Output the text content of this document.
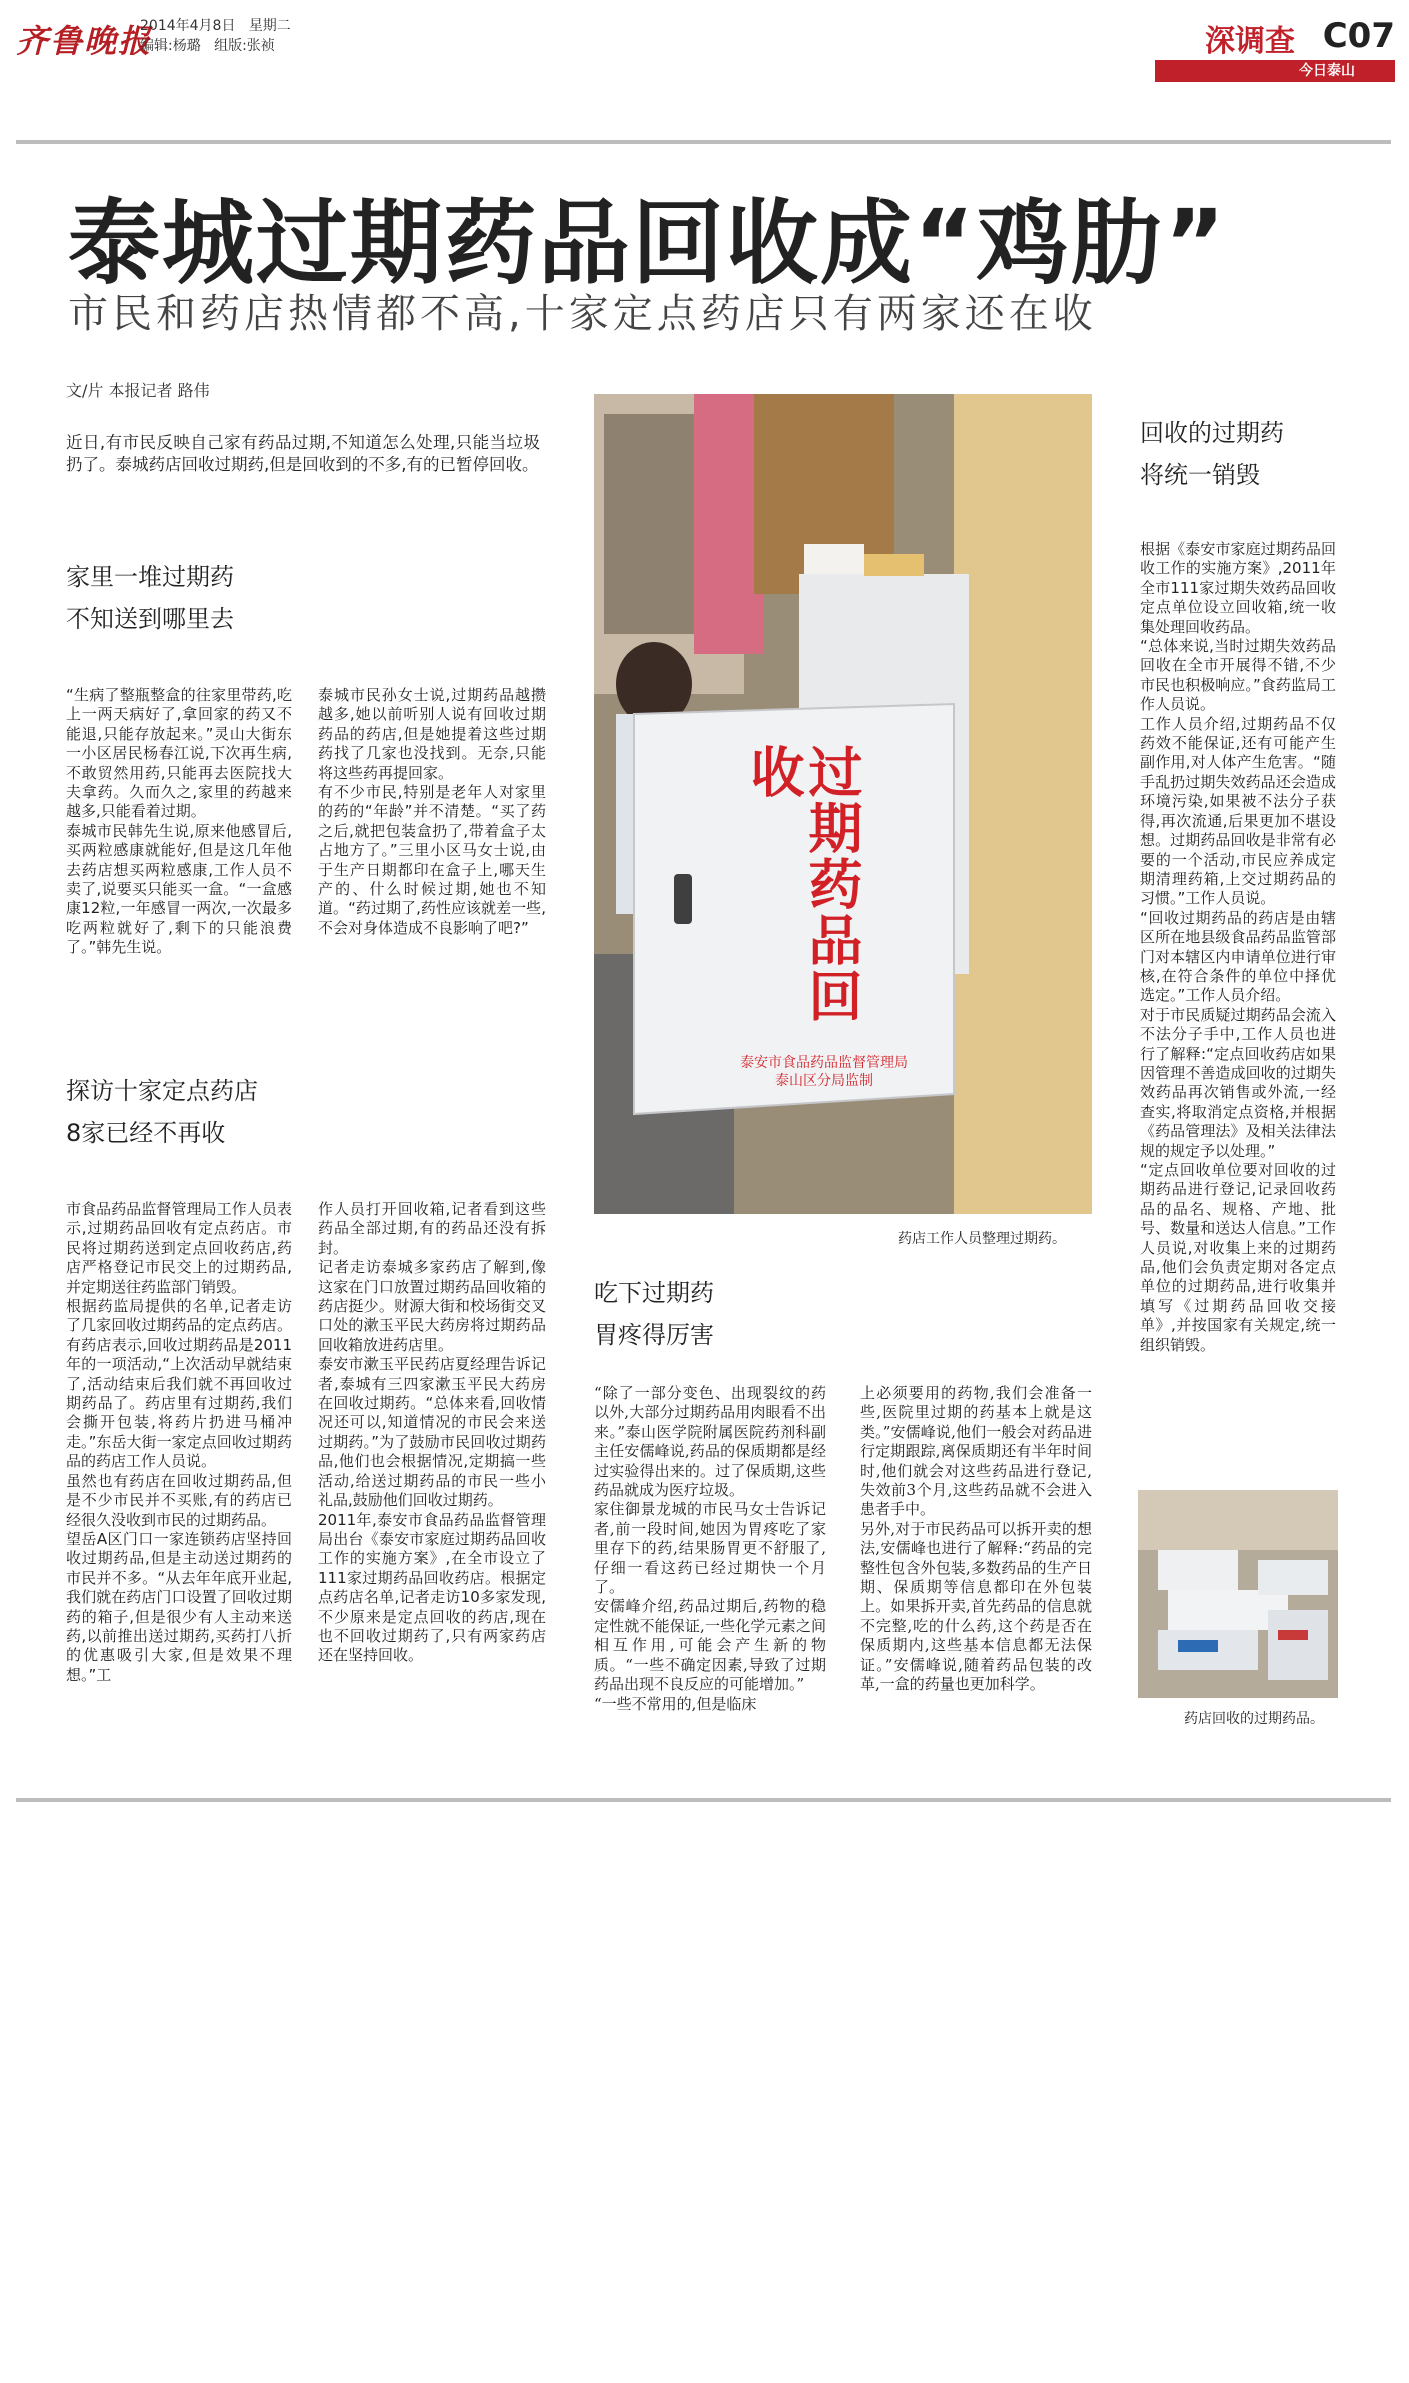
齐鲁晚报
2014年4月8日 星期二
编辑:杨璐 组版:张祯	深调查 C07
今日泰山
泰城过期药品回收成“鸡肋”
市民和药店热情都不高,十家定点药店只有两家还在收
文/片 本报记者 路伟
近日,有市民反映自己家有药品过期,不知道怎么处理,只能当垃圾扔了。泰城药店回收过期药,但是回收到的不多,有的已暂停回收。
家里一堆过期药
不知送到哪里去
“生病了整瓶整盒的往家里带药,吃上一两天病好了,拿回家的药又不能退,只能存放起来。”灵山大街东一小区居民杨春江说,下次再生病,不敢贸然用药,只能再去医院找大夫拿药。久而久之,家里的药越来越多,只能看着过期。
泰城市民韩先生说,原来他感冒后,买两粒感康就能好,但是这几年他去药店想买两粒感康,工作人员不卖了,说要买只能买一盒。“一盒感康12粒,一年感冒一两次,一次最多吃两粒就好了,剩下的只能浪费了。”韩先生说。
泰城市民孙女士说,过期药品越攒越多,她以前听别人说有回收过期药品的药店,但是她提着这些过期药找了几家也没找到。无奈,只能将这些药再提回家。
有不少市民,特别是老年人对家里的药的“年龄”并不清楚。“买了药之后,就把包装盒扔了,带着盒子太占地方了。”三里小区马女士说,由于生产日期都印在盒子上,哪天生产的、什么时候过期,她也不知道。“药过期了,药性应该就差一些,不会对身体造成不良影响了吧?”
探访十家定点药店
8家已经不再收
市食品药品监督管理局工作人员表示,过期药品回收有定点药店。市民将过期药送到定点回收药店,药店严格登记市民交上的过期药品,并定期送往药监部门销毁。
根据药监局提供的名单,记者走访了几家回收过期药品的定点药店。有药店表示,回收过期药品是2011年的一项活动,“上次活动早就结束了,活动结束后我们就不再回收过期药品了。药店里有过期药,我们会撕开包装,将药片扔进马桶冲走。”东岳大街一家定点回收过期药品的药店工作人员说。
虽然也有药店在回收过期药品,但是不少市民并不买账,有的药店已经很久没收到市民的过期药品。
望岳A区门口一家连锁药店坚持回收过期药品,但是主动送过期药的市民并不多。“从去年年底开业起,我们就在药店门口设置了回收过期药的箱子,但是很少有人主动来送药,以前推出送过期药,买药打八折的优惠吸引大家,但是效果不理想。”工
作人员打开回收箱,记者看到这些药品全部过期,有的药品还没有拆封。
记者走访泰城多家药店了解到,像这家在门口放置过期药品回收箱的药店挺少。财源大街和校场街交叉口处的漱玉平民大药房将过期药品回收箱放进药店里。
泰安市漱玉平民药店夏经理告诉记者,泰城有三四家漱玉平民大药房在回收过期药。“总体来看,回收情况还可以,知道情况的市民会来送过期药。”为了鼓励市民回收过期药品,他们也会根据情况,定期搞一些活动,给送过期药品的市民一些小礼品,鼓励他们回收过期药。
2011年,泰安市食品药品监督管理局出台《泰安市家庭过期药品回收工作的实施方案》,在全市设立了111家过期药品回收药店。根据定点药店名单,记者走访10多家发现,不少原来是定点回收的药店,现在也不回收过期药了,只有两家药店还在坚持回收。
过期药品回收
泰安市食品药品监督管理局
泰山区分局监制
药店工作人员整理过期药。
吃下过期药
胃疼得厉害
“除了一部分变色、出现裂纹的药以外,大部分过期药品用肉眼看不出来。”泰山医学院附属医院药剂科副主任安儒峰说,药品的保质期都是经过实验得出来的。过了保质期,这些药品就成为医疗垃圾。
家住御景龙城的市民马女士告诉记者,前一段时间,她因为胃疼吃了家里存下的药,结果肠胃更不舒服了,仔细一看这药已经过期快一个月了。
安儒峰介绍,药品过期后,药物的稳定性就不能保证,一些化学元素之间相互作用,可能会产生新的物质。“一些不确定因素,导致了过期药品出现不良反应的可能增加。”
“一些不常用的,但是临床
上必须要用的药物,我们会准备一些,医院里过期的药基本上就是这类。”安儒峰说,他们一般会对药品进行定期跟踪,离保质期还有半年时间时,他们就会对这些药品进行登记,失效前3个月,这些药品就不会进入患者手中。
另外,对于市民药品可以拆开卖的想法,安儒峰也进行了解释:“药品的完整性包含外包装,多数药品的生产日期、保质期等信息都印在外包装上。如果拆开卖,首先药品的信息就不完整,吃的什么药,这个药是否在保质期内,这些基本信息都无法保证。”安儒峰说,随着药品包装的改革,一盒的药量也更加科学。
回收的过期药
将统一销毁
根据《泰安市家庭过期药品回收工作的实施方案》,2011年全市111家过期失效药品回收定点单位设立回收箱,统一收集处理回收药品。
“总体来说,当时过期失效药品回收在全市开展得不错,不少市民也积极响应。”食药监局工作人员说。
工作人员介绍,过期药品不仅药效不能保证,还有可能产生副作用,对人体产生危害。“随手乱扔过期失效药品还会造成环境污染,如果被不法分子获得,再次流通,后果更加不堪设想。过期药品回收是非常有必要的一个活动,市民应养成定期清理药箱,上交过期药品的习惯。”工作人员说。
“回收过期药品的药店是由辖区所在地县级食品药品监管部门对本辖区内申请单位进行审核,在符合条件的单位中择优选定。”工作人员介绍。
对于市民质疑过期药品会流入不法分子手中,工作人员也进行了解释:“定点回收药店如果因管理不善造成回收的过期失效药品再次销售或外流,一经查实,将取消定点资格,并根据《药品管理法》及相关法律法规的规定予以处理。”
“定点回收单位要对回收的过期药品进行登记,记录回收药品的品名、规格、产地、批号、数量和送达人信息。”工作人员说,对收集上来的过期药品,他们会负责定期对各定点单位的过期药品,进行收集并填写《过期药品回收交接单》,并按国家有关规定,统一组织销毁。
药店回收的过期药品。
